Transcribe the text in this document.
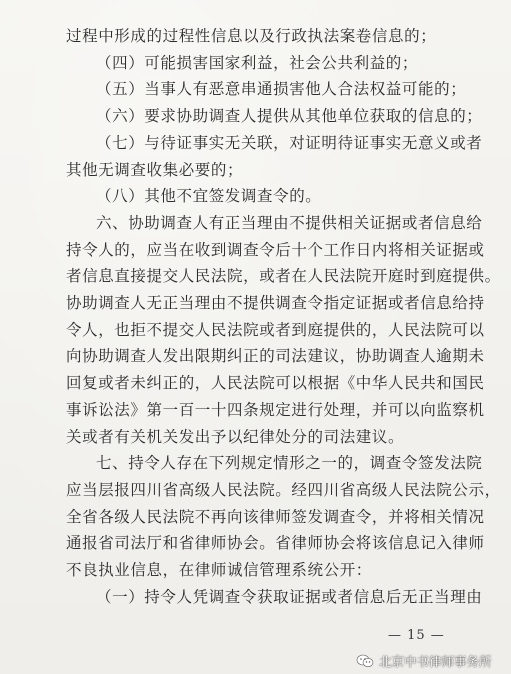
过程中形成的过程性信息以及行政执法案卷信息的；
（四）可能损害国家利益，社会公共利益的；
（五）当事人有恶意串通损害他人合法权益可能的；
（六）要求协助调查人提供从其他单位获取的信息的；
（七）与待证事实无关联，对证明待证事实无意义或者
其他无调查收集必要的；
（八）其他不宜签发调查令的。
六、协助调查人有正当理由不提供相关证据或者信息给
持令人的，应当在收到调查令后十个工作日内将相关证据或
者信息直接提交人民法院，或者在人民法院开庭时到庭提供。
协助调查人无正当理由不提供调查令指定证据或者信息给持
令人，也拒不提交人民法院或者到庭提供的，人民法院可以
向协助调查人发出限期纠正的司法建议，协助调查人逾期未
回复或者未纠正的，人民法院可以根据《中华人民共和国民
事诉讼法》第一百一十四条规定进行处理，并可以向监察机
关或者有关机关发出予以纪律处分的司法建议。
七、持令人存在下列规定情形之一的，调查令签发法院
应当层报四川省高级人民法院。经四川省高级人民法院公示，
全省各级人民法院不再向该律师签发调查令，并将相关情况
通报省司法厅和省律师协会。省律师协会将该信息记入律师
不良执业信息，在律师诚信管理系统公开：
（一）持令人凭调查令获取证据或者信息后无正当理由
— 15 —
北京中书律师事务所
